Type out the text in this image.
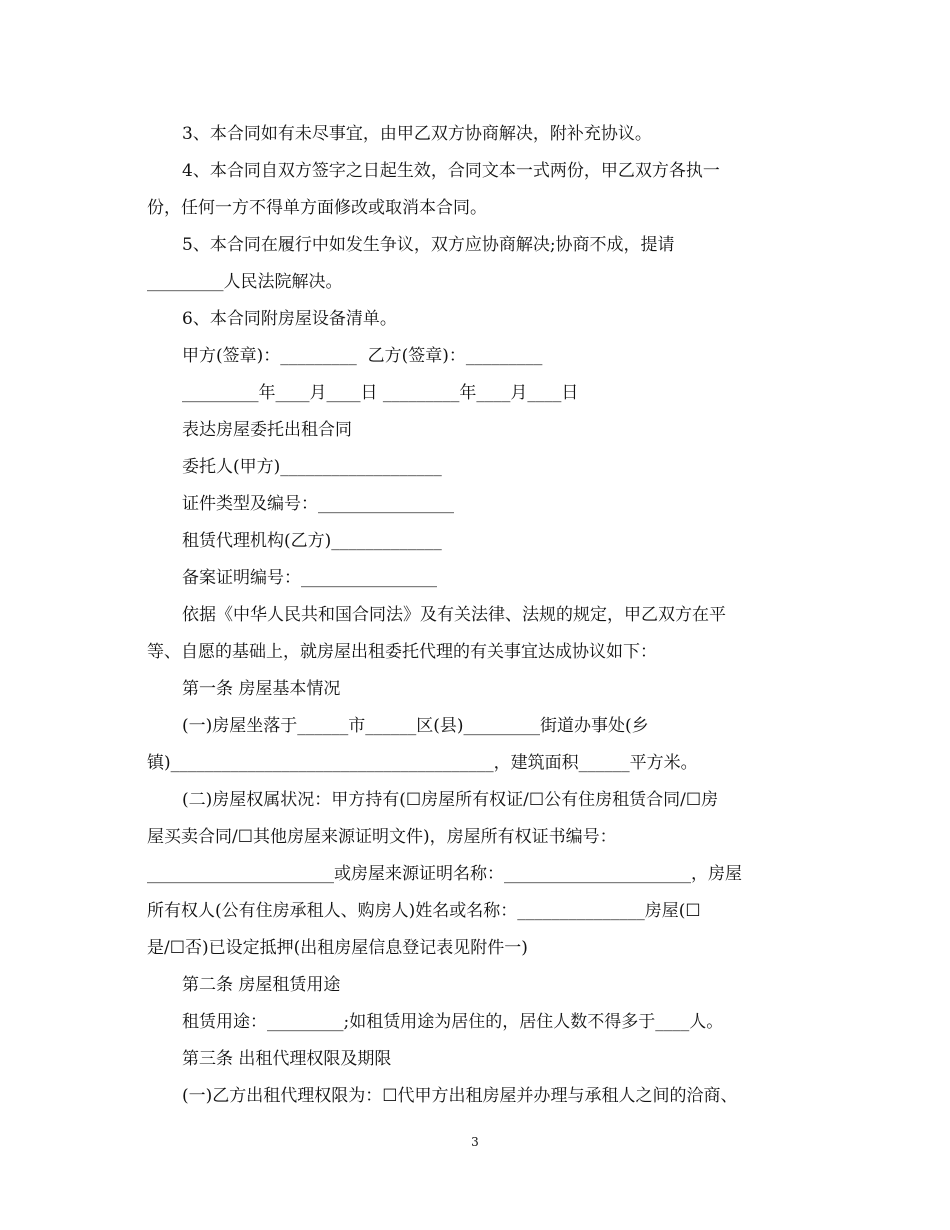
3、本合同如有未尽事宜，由甲乙双方协商解决，附补充协议。

4、本合同自双方签字之日起生效，合同文本一式两份，甲乙双方各执一

份，任何一方不得单方面修改或取消本合同。

5、本合同在履行中如发生争议，双方应协商解决;协商不成，提请

_________人民法院解决。

6、本合同附房屋设备清单。

甲方(签章)：_________  乙方(签章)：_________

_________年____月____日 _________年____月____日

表达房屋委托出租合同

委托人(甲方)___________________

证件类型及编号：________________

租赁代理机构(乙方)_____________

备案证明编号：________________

依据《中华人民共和国合同法》及有关法律、法规的规定，甲乙双方在平

等、自愿的基础上，就房屋出租委托代理的有关事宜达成协议如下：

第一条 房屋基本情况

(一)房屋坐落于______市______区(县)_________街道办事处(乡

镇)______________________________________，建筑面积______平方米。

(二)房屋权属状况：甲方持有(☐房屋所有权证/☐公有住房租赁合同/☐房

屋买卖合同/☐其他房屋来源证明文件)，房屋所有权证书编号：

______________________或房屋来源证明名称：______________________，房屋

所有权人(公有住房承租人、购房人)姓名或名称：_______________房屋(☐

是/☐否)已设定抵押(出租房屋信息登记表见附件一)

第二条 房屋租赁用途

租赁用途：_________;如租赁用途为居住的，居住人数不得多于____人。

第三条 出租代理权限及期限

(一)乙方出租代理权限为：☐代甲方出租房屋并办理与承租人之间的洽商、

3
